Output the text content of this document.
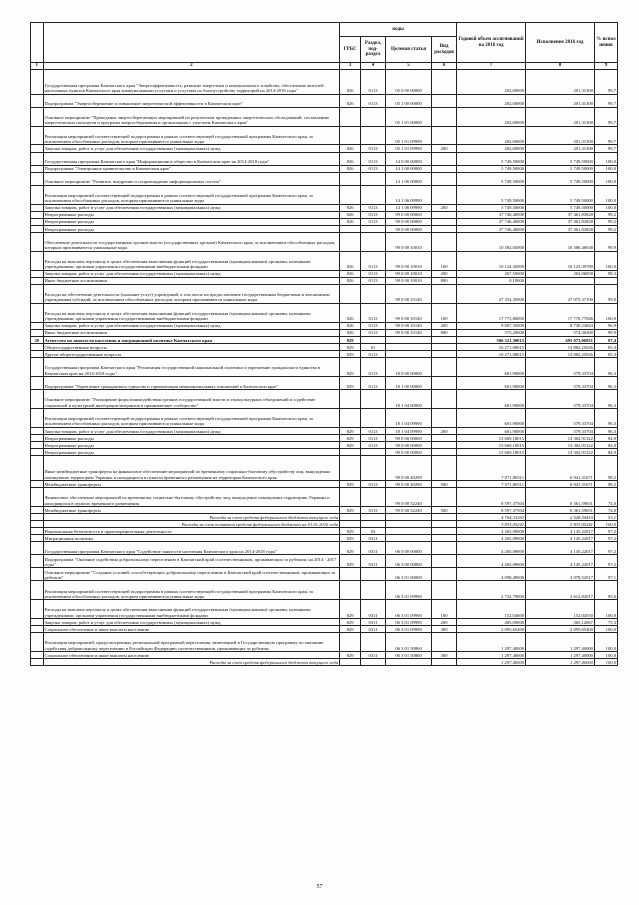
		коды				Годовой объем ассигнований на 2016 год	Исполнение 2016 год	% испол нения
		ГРБС	Раздел, под-раздел	Целевая статья	Вид расходов			
1	2	3	4	5	6	7	8	9
	Государственная программа Камчатского края "Энергоэффективность, развитие энергетики и коммунального хозяйства, обеспечение жителей населенных пунктов Камчатского края коммунальными услугами и услугами по благоустройству территорий на 2014-2018 годы"	826	0113	05 0 00 00000		202,00000	201,31300	99,7
	Подпрограмма "Энергосбережение и повышение энергетической эффективности в Камчатском крае"	826	0113	05 1 00 00000		202,00000	201,31300	99,7
	Основное мероприятие "Проведение энергосберегающих мероприятий по результатам проведенных энергетических обследований, составлению энергетических паспортов и программ энергосбережения в организациях с участием Камчатского края"			05 1 01 00000		202,00000	201,31300	99,7
	Реализация мероприятий соответствующей подпрограммы в рамках соответствующей государственной программы Камчатского края, за исключением обособленных расходов, которым присваиваются уникальные коды			05 1 01 09990		202,00000	201,31300	99,7
	Закупка товаров, работ и услуг для обеспечения государственных (муниципальных) нужд	826	0113	05 1 01 09990	200	202,00000	201,31300	99,7
	Государственная программа Камчатского края "Информационное общество в Камчатском крае на 2014-2018 годы"	826	0113	14 0 00 00000		5 749,50000	5 749,50000	100,0
	Подпрограмма "Электронное правительство в Камчатском крае"	826	0113	14 1 00 00000		5 749,50000	5 749,50000	100,0
	Основное мероприятие "Развитие, внедрение и сопровождение информационных систем"			14 1 06 00000		5 749,50000	5 749,50000	100,0
	Реализация мероприятий соответствующей подпрограммы в рамках соответствующей государственной программы Камчатского края, за исключением обособленных расходов, которым присваиваются уникальные коды			14 1 06 09990		5 749,50000	5 749,50000	100,0
	Закупка товаров, работ и услуг для обеспечения государственных (муниципальных) нужд	826	0113	14 1 06 09990	200	5 749,50000	5 749,50000	100,0
	Непрограммные расходы	826	0113	99 0 00 00000		37 746,40000	37 461,83828	99,2
	Непрограммные расходы	826	0113	99 0 00 00000		37 746,40000	37 461,83828	99,2
	Непрограммные расходы			99 0 00 00000		37 746,40000	37 461,83828	99,2
	Обеспечение деятельности государственных органов власти (государственных органов) Камчатского края, за исключением обособленных расходов, которым присваиваются уникальные коды			99 0 00 10010		10 392,05000	10 386,46638	99,9
	Расходы на выплаты персоналу в целях обеспечения выполнения функций государственными (муниципальными) органами, казенными учреждениями, органами управления государственными внебюджетными фондами	826	0113	99 0 00 10010	100	10 124,45000	10 123,39780	100,0
	Закупка товаров, работ и услуг для обеспечения государственных (муниципальных) нужд	826	0113	99 0 00 10010	200	267,50000	263,06858	98,3
	Иные бюджетные ассигнования	826	0113	99 0 00 10010	800	0,10000		
	Расходы на обеспечение деятельности (оказание услуг) учреждений, в том числе на предоставление государственным бюджетным и автономным учреждениям субсидий, за исключением обособленных расходов, которым присваиваются уникальные коды			99 0 00 10140		27 354,35000	27 075,37190	99,0
	Расходы на выплаты персоналу в целях обеспечения выполнения функций государственными (муниципальными) органами, казенными учреждениями, органами управления государственными внебюджетными фондами	826	0113	99 0 00 10140	100	17 771,80000	17 770,77046	100,0
	Закупка товаров, работ и услуг для обеспечения государственных (муниципальных) нужд	826	0113	99 0 00 10140	200	9 007,35000	8 730,23844	96,9
	Иные бюджетные ассигнования	826	0113	99 0 00 10140	800	575,20000	574,36300	99,9
20	Агентство по занятости населения и миграционной политике Камчатского края	829				506 321,30015	493 073,06851	97,4
	Общегосударственные вопросы	829	01			16 271,08015	13 882,25026	85,3
	Другие общегосударственные вопросы	829	0113			16 271,08015	13 882,25026	85,3
	Государственная программа Камчатского края "Реализация государственной национальной политики и укрепление гражданского единства в Камчатском крае на 2014-2018 годы"	829	0113	18 0 00 00000		601,90000	579,33704	96,3
	Подпрограмма "Укрепление гражданского единства и гармонизация межнациональных отношений в Камчатском крае"	829	0113	18 1 00 00000		601,90000	579,33704	96,3
	Основное мероприятие "Расширение форм взаимодействия органов государственной власти и этнокультурных объединений и содействие социальной и культурной интеграции мигрантов в принимающее сообщество"			18 1 04 00000		601,90000	579,33704	96,3
	Реализация мероприятий соответствующей подпрограммы в рамках соответствующей государственной программы Камчатского края, за исключением обособленных расходов, которым присваиваются уникальные коды			18 1 04 09990		601,90000	579,33704	96,3
	Закупка товаров, работ и услуг для обеспечения государственных (муниципальных) нужд	829	0113	18 1 04 09990	200	601,90000	579,33704	96,3
	Непрограммные расходы	829	0113	99 0 00 00000		15 669,18015	13 302,91322	84,9
	Непрограммные расходы	829	0113	99 0 00 00000		15 669,18015	13 302,91322	84,9
	Непрограммные расходы			99 0 00 00000		15 669,18015	13 302,91322	84,9
	Иные межбюджетные трансферты на финансовое обеспечение мероприятий по временному социально-бытовому обустройству лиц, вынужденно покинувших территорию Украины и находящихся в пунктах временного размещения на территории Камчатского края			99 0 00 40290		7 071,80511	6 941,31671	98,2
	Межбюджетные трансферты	829	0113	99 0 00 40290	500	7 071,80511	6 941,31671	98,2
	Финансовое обеспечение мероприятий по временному социально-бытовому обустройству лиц, вынужденно покинувших территорию Украины и находящихся в пунктах временного размещения			99 0 00 52240		8 597,37504	6 361,59651	74,0
	Межбюджетные трансферты	829	0113	99 0 00 52240	500	8 597,37504	6 361,59651	74,0
	Расходы за счет средств федерального бюджета текущего года					4 764,33263	2 528,54410	53,1
	Расходы за счет остатков средств федерального бюджета на 01.01.2016 года					3 833,05241	3 833,05241	100,0
	Национальная безопасность и правоохранительная деятельность	829	03			4 265,09000	4 145,22017	97,2
	Миграционная политика	829	0311			4 265,09000	4 145,22017	97,2
	Государственная программа Камчатского края "Содействие занятости населения Камчатского края на 2014-2018 годы"	829	0311	06 0 00 00000		4 265,09000	4 145,22017	97,2
	Подпрограмма "Оказание содействия добровольному переселению в Камчатский край соотечественников, проживающих за рубежом, на 2014 - 2017 годы"	829	0311	06 3 00 00000		4 265,09000	4 145,22017	97,2
	Основное мероприятие "Создание условий, способствующих добровольному переселению в Камчатский край соотечественников, проживающих за рубежом"			06 3 01 00000		4 098,49000	3 978,52017	97,1
	Реализация мероприятий соответствующей подпрограммы в рамках соответствующей государственной программы Камчатского края, за исключением обособленных расходов, которым присваиваются уникальные коды			06 3 01 09990		2 732,79000	2 612,82017	95,6
	Расходы на выплаты персоналу в целях обеспечения выполнения функций государственными (муниципальными) органами, казенными учреждениями, органами управления государственными внебюджетными фондами	829	0311	06 3 01 09990	100	152,04600	152,04550	100,0
	Закупка товаров, работ и услуг для обеспечения государственных (муниципальных) нужд	829	0311	06 3 01 09990	200	485,09000	365,12067	75,3
	Социальное обеспечение и иные выплаты населению	829	0311	06 3 01 09990	300	2 095,65400	2 095,65400	100,0
	Реализация мероприятий, предусмотренных региональной программой переселения, включенной в Государственную программу по оказанию содействия добровольному переселению в Российскую Федерацию соотечественников, проживающих за рубежом			06 3 01 50860		1 297,40000	1 297,40000	100,0
	Социальное обеспечение и иные выплаты населению	829	0311	06 3 01 50860	300	1 297,40000	1 297,40000	100,0
	Расходы за счет средств федерального бюджета текущего года					1 297,40000	1 297,40000	100,0
57
